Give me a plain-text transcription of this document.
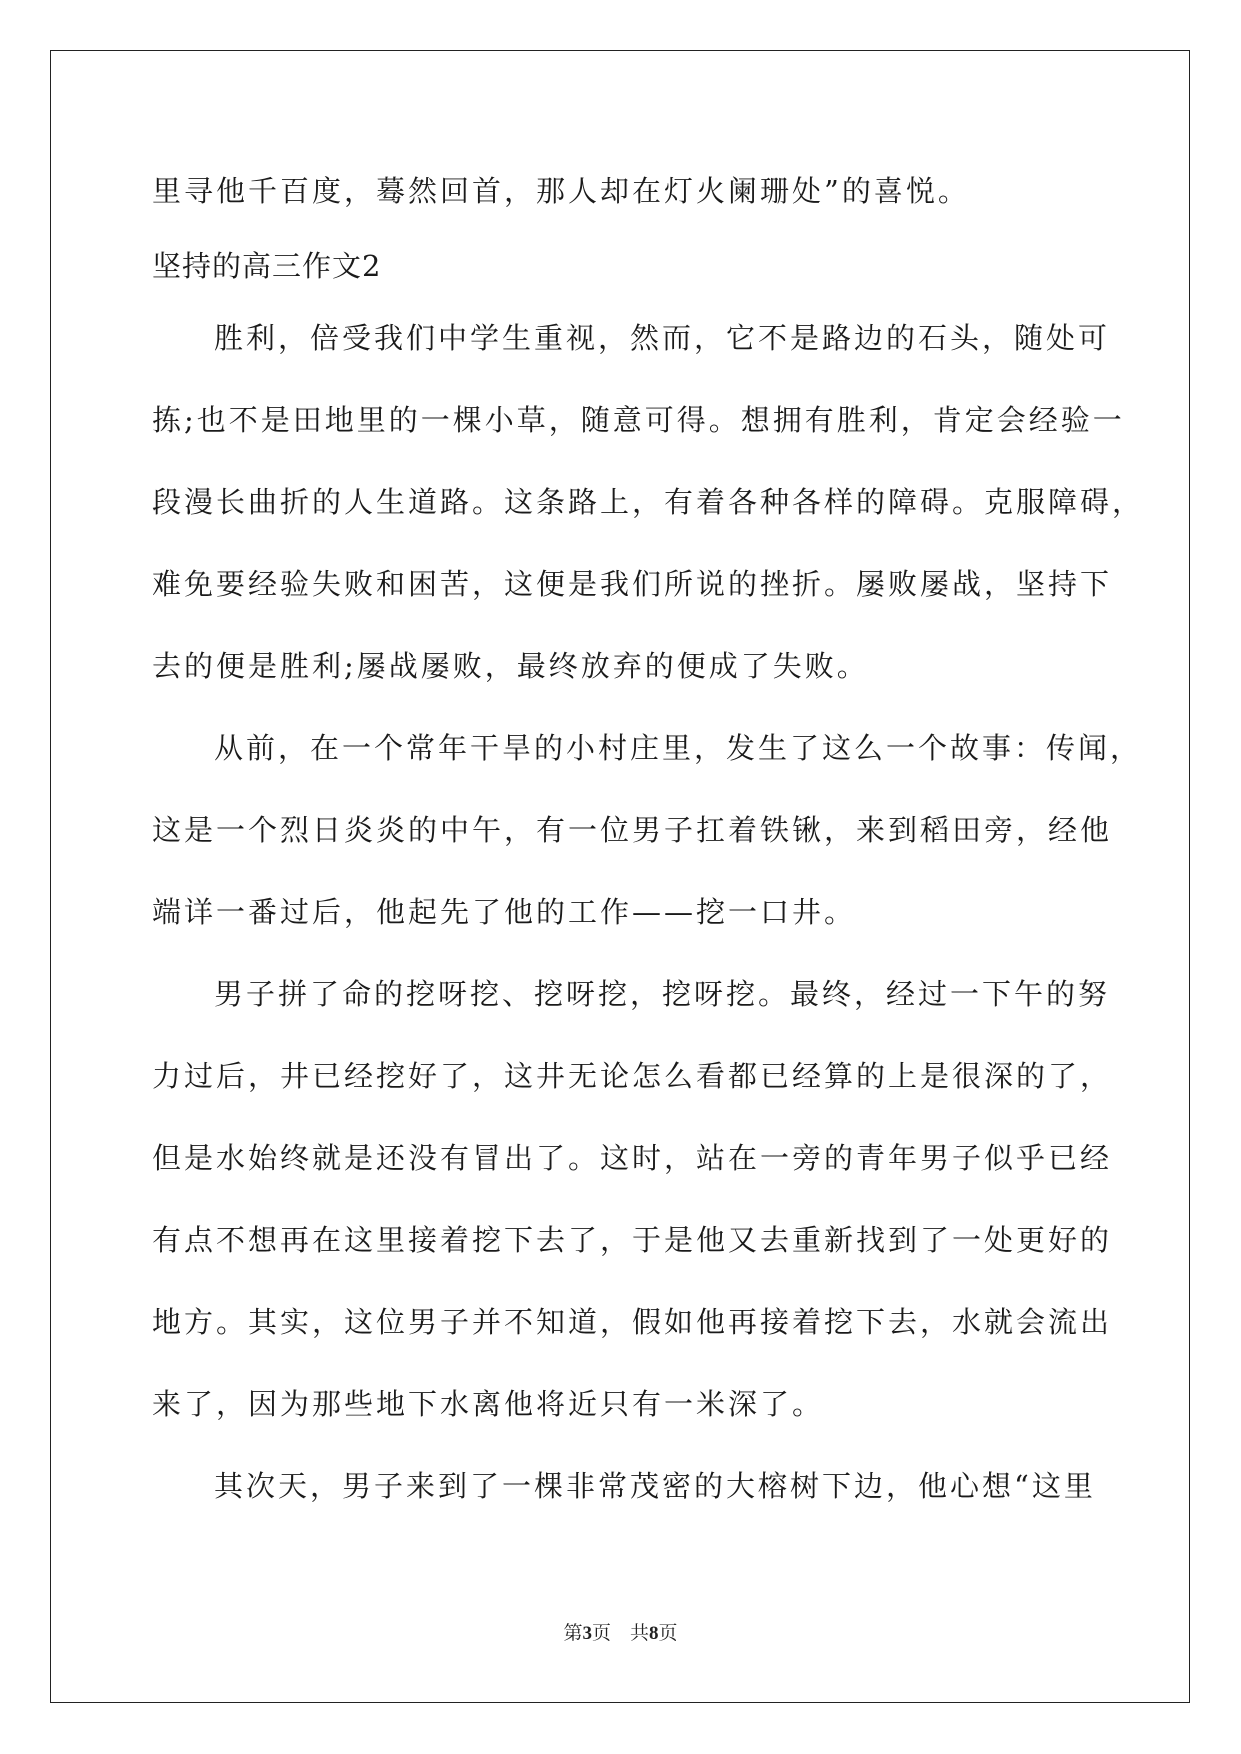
里寻他千百度，蓦然回首，那人却在灯火阑珊处”的喜悦。

坚持的高三作文2

胜利，倍受我们中学生重视，然而，它不是路边的石头，随处可

拣;也不是田地里的一棵小草，随意可得。想拥有胜利，肯定会经验一

段漫长曲折的人生道路。这条路上，有着各种各样的障碍。克服障碍，

难免要经验失败和困苦，这便是我们所说的挫折。屡败屡战，坚持下

去的便是胜利;屡战屡败，最终放弃的便成了失败。

从前，在一个常年干旱的小村庄里，发生了这么一个故事：传闻，

这是一个烈日炎炎的中午，有一位男子扛着铁锹，来到稻田旁，经他

端详一番过后，他起先了他的工作——挖一口井。

男子拼了命的挖呀挖、挖呀挖，挖呀挖。最终，经过一下午的努

力过后，井已经挖好了，这井无论怎么看都已经算的上是很深的了，

但是水始终就是还没有冒出了。这时，站在一旁的青年男子似乎已经

有点不想再在这里接着挖下去了，于是他又去重新找到了一处更好的

地方。其实，这位男子并不知道，假如他再接着挖下去，水就会流出

来了，因为那些地下水离他将近只有一米深了。

其次天，男子来到了一棵非常茂密的大榕树下边，他心想“这里

第3页　共8页
